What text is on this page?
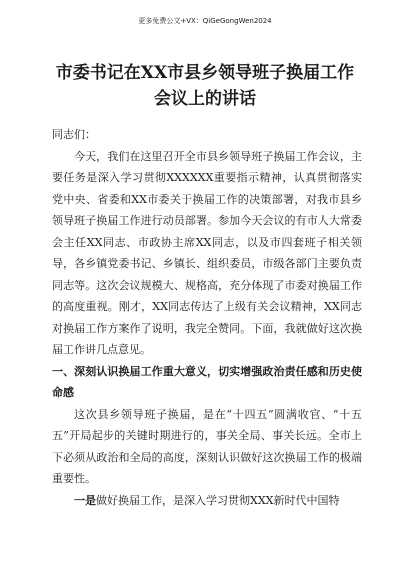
更多免费公文+VX：QiGeGongWen2024
市委书记在XX市县乡领导班子换届工作
会议上的讲话

同志们：

今天，我们在这里召开全市县乡领导班子换届工作会议，主要任务是深入学习贯彻XXXXXX重要指示精神，认真贯彻落实党中央、省委和XX市委关于换届工作的决策部署，对我市县乡领导班子换届工作进行动员部署。参加今天会议的有市人大常委会主任XX同志、市政协主席XX同志，以及市四套班子相关领导，各乡镇党委书记、乡镇长、组织委员，市级各部门主要负责同志等。这次会议规模大、规格高，充分体现了市委对换届工作的高度重视。刚才，XX同志传达了上级有关会议精神，XX同志对换届工作方案作了说明，我完全赞同。下面，我就做好这次换届工作讲几点意见。

一、深刻认识换届工作重大意义，切实增强政治责任感和历史使命感

这次县乡领导班子换届，是在“十四五”圆满收官、“十五五”开局起步的关键时期进行的，事关全局、事关长远。全市上下必须从政治和全局的高度，深刻认识做好这次换届工作的极端重要性。

一是做好换届工作，是深入学习贯彻XXX新时代中国特
